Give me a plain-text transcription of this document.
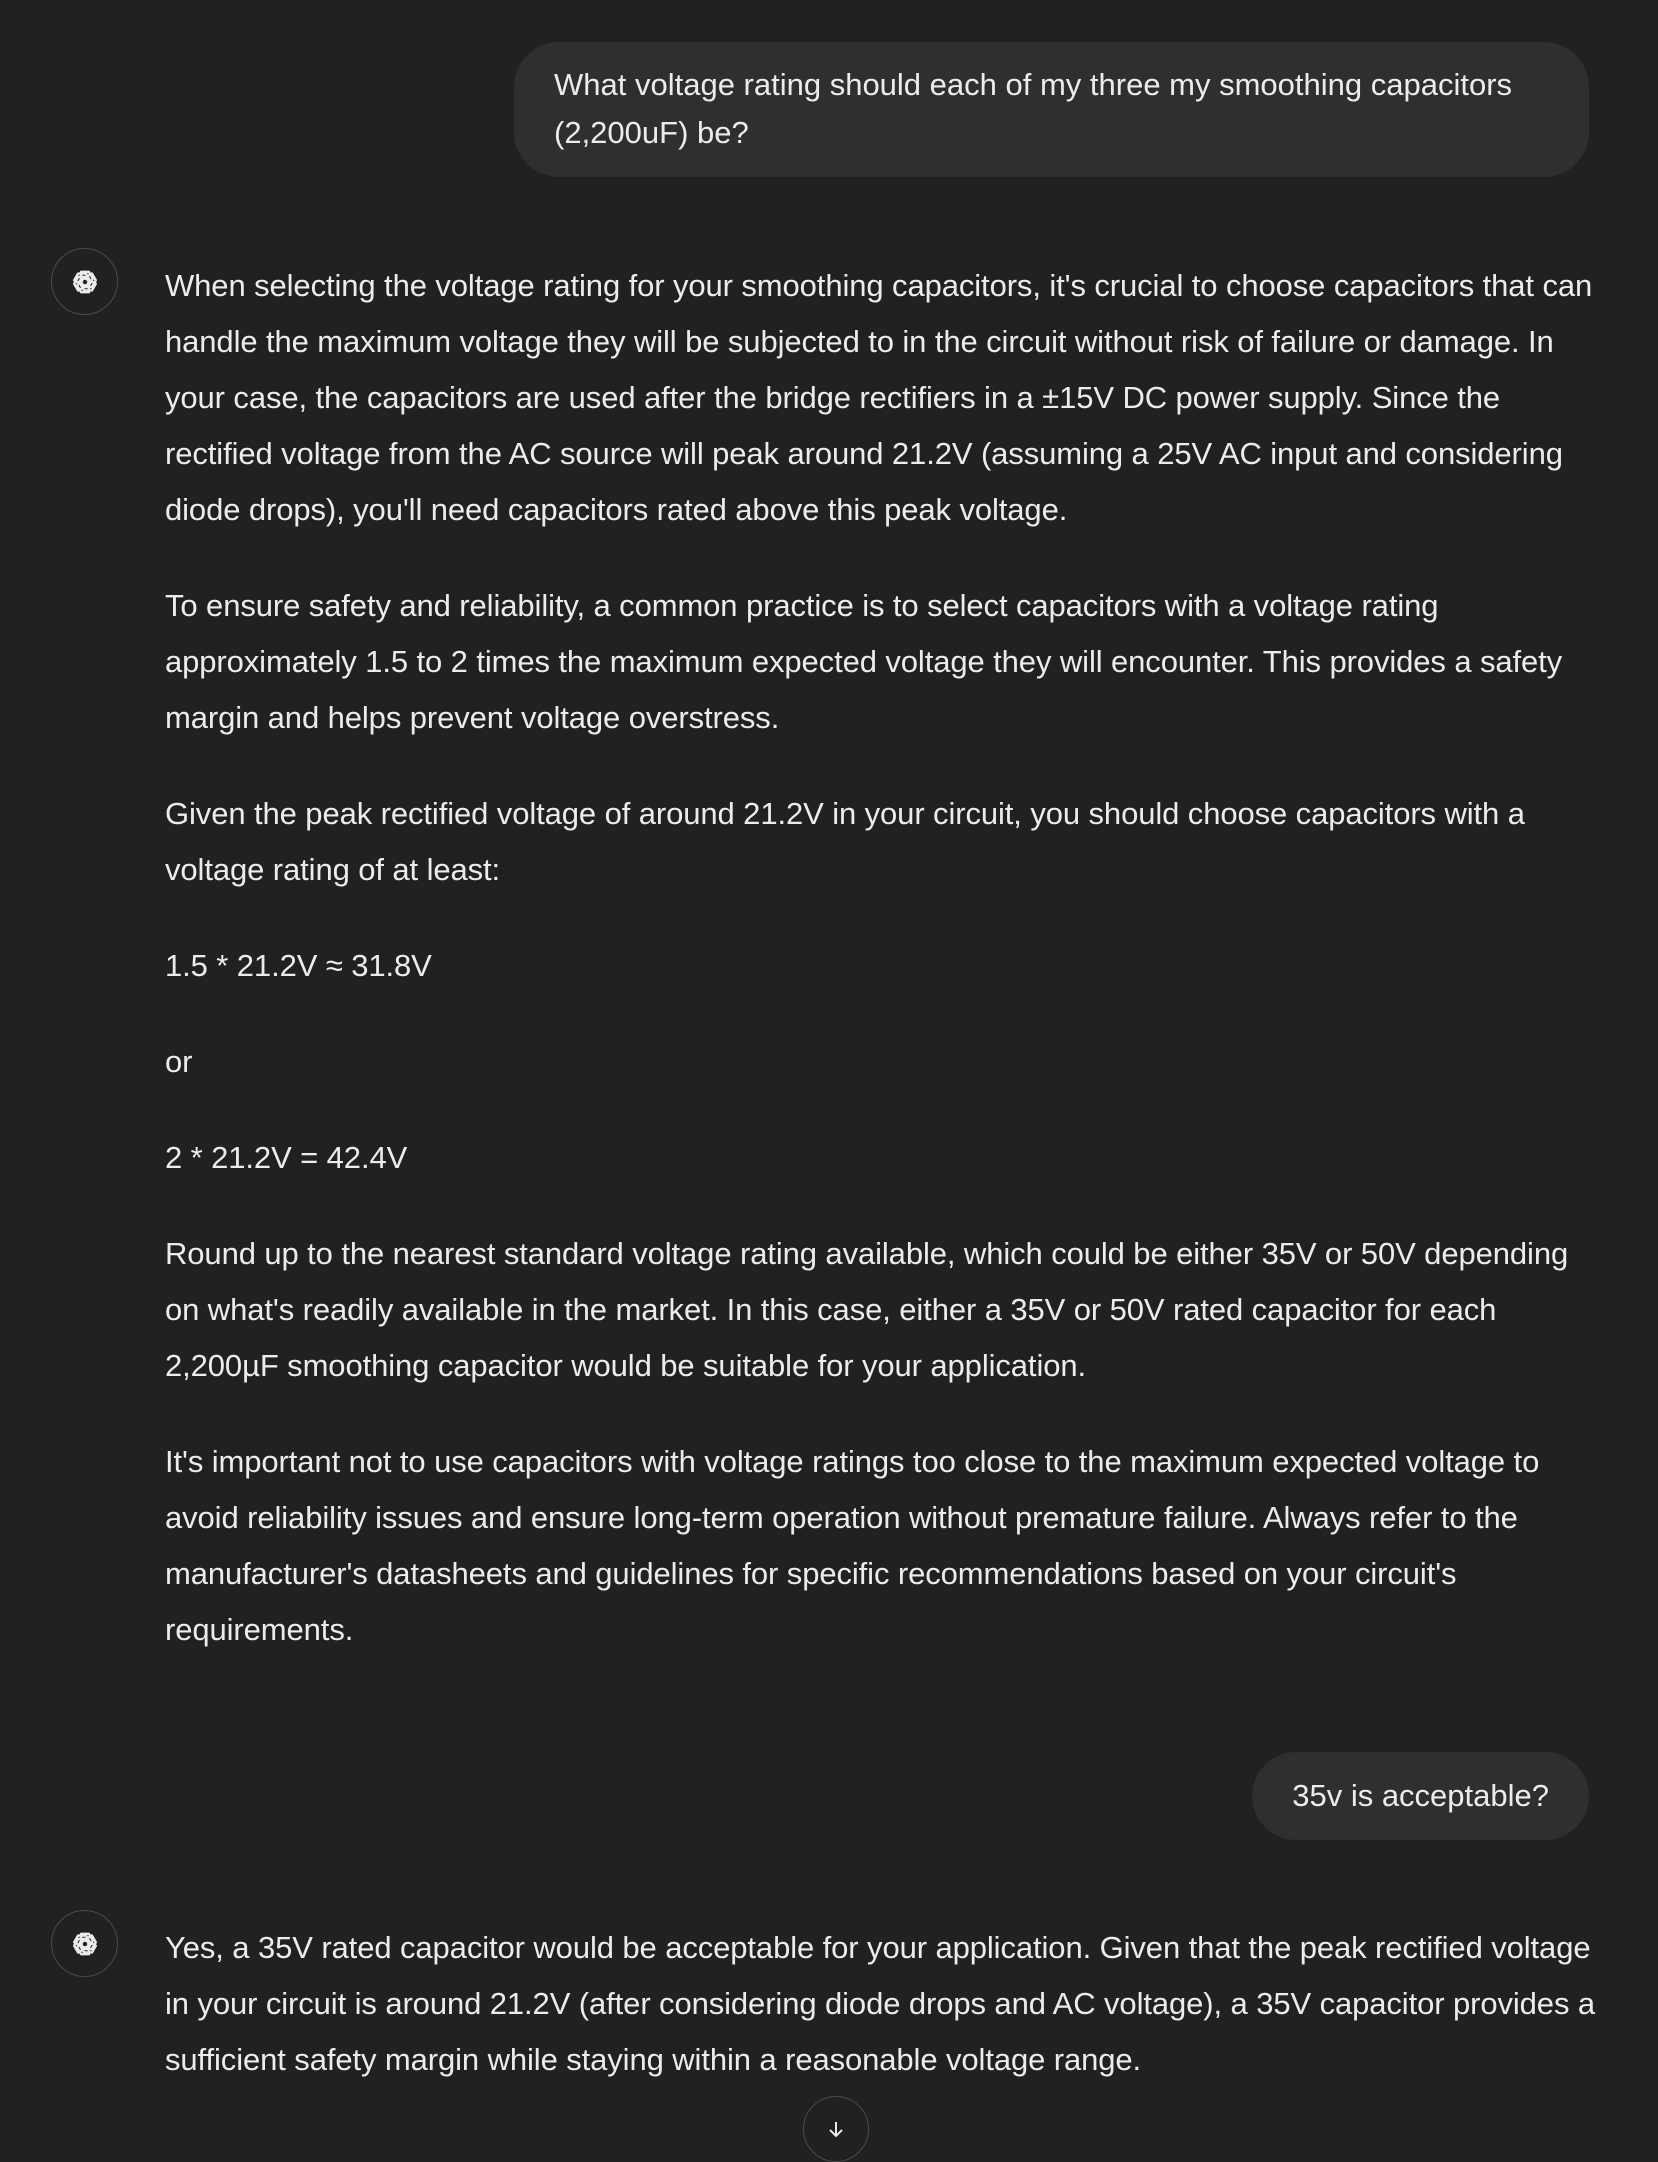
What voltage rating should each of my three my smoothing capacitors (2,200uF) be?

When selecting the voltage rating for your smoothing capacitors, it's crucial to choose capacitors that can handle the maximum voltage they will be subjected to in the circuit without risk of failure or damage. In your case, the capacitors are used after the bridge rectifiers in a ±15V DC power supply. Since the rectified voltage from the AC source will peak around 21.2V (assuming a 25V AC input and considering diode drops), you'll need capacitors rated above this peak voltage.

To ensure safety and reliability, a common practice is to select capacitors with a voltage rating approximately 1.5 to 2 times the maximum expected voltage they will encounter. This provides a safety margin and helps prevent voltage overstress.

Given the peak rectified voltage of around 21.2V in your circuit, you should choose capacitors with a voltage rating of at least:

1.5 * 21.2V ≈ 31.8V

or

2 * 21.2V = 42.4V

Round up to the nearest standard voltage rating available, which could be either 35V or 50V depending on what's readily available in the market. In this case, either a 35V or 50V rated capacitor for each 2,200µF smoothing capacitor would be suitable for your application.

It's important not to use capacitors with voltage ratings too close to the maximum expected voltage to avoid reliability issues and ensure long-term operation without premature failure. Always refer to the manufacturer's datasheets and guidelines for specific recommendations based on your circuit's requirements.

35v is acceptable?

Yes, a 35V rated capacitor would be acceptable for your application. Given that the peak rectified voltage in your circuit is around 21.2V (after considering diode drops and AC voltage), a 35V capacitor provides a sufficient safety margin while staying within a reasonable voltage range.
